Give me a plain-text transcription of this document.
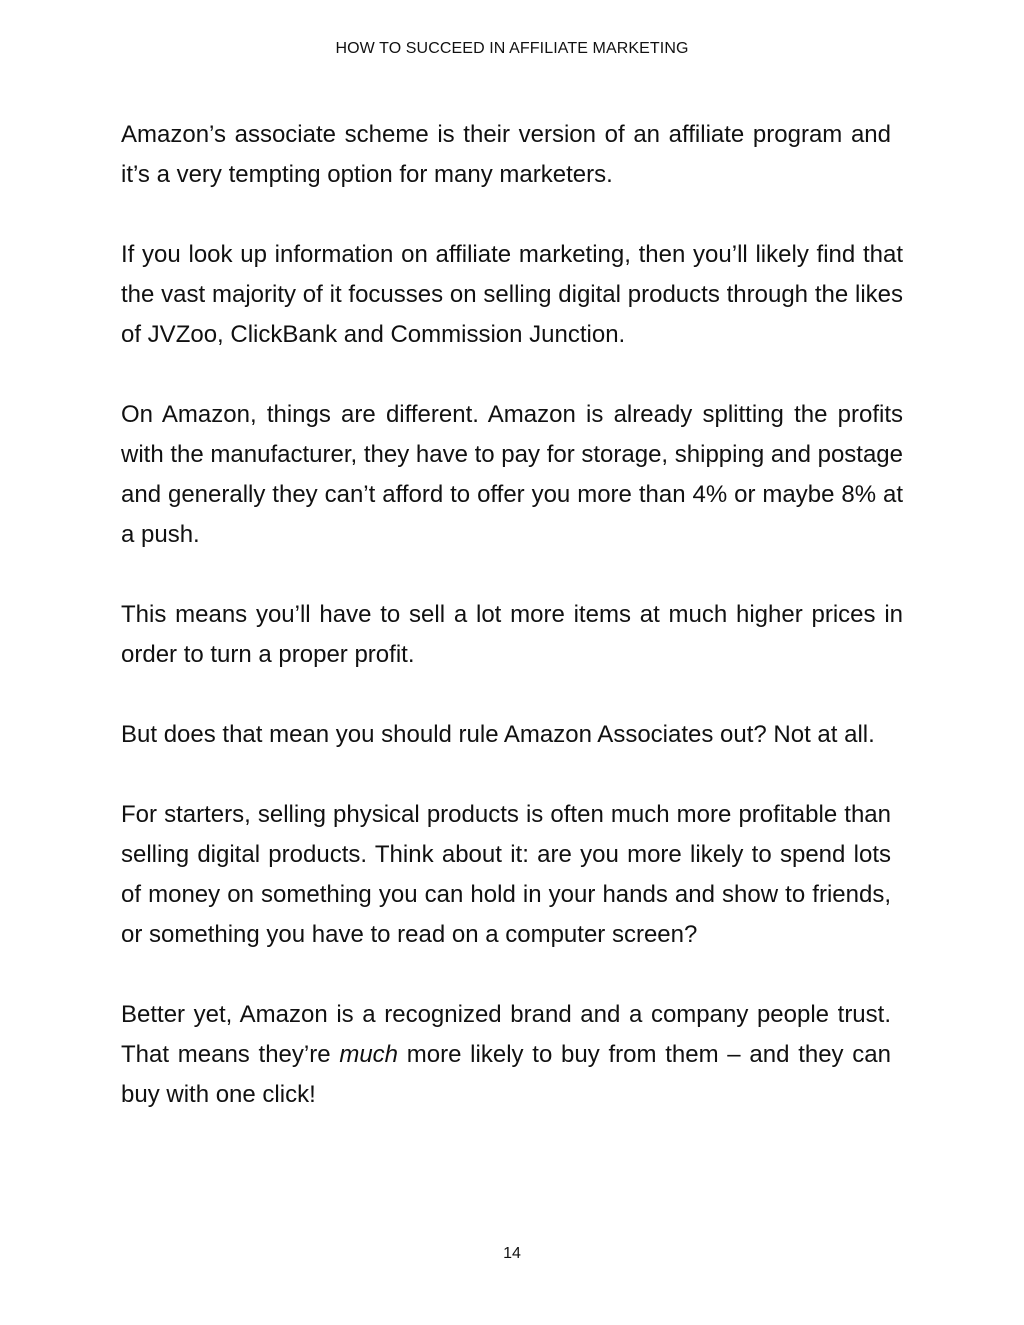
HOW TO SUCCEED IN AFFILIATE MARKETING

Amazon’s associate scheme is their version of an affiliate program and it’s a very tempting option for many marketers.

If you look up information on affiliate marketing, then you’ll likely find that the vast majority of it focusses on selling digital products through the likes of JVZoo, ClickBank and Commission Junction.

On Amazon, things are different. Amazon is already splitting the profits with the manufacturer, they have to pay for storage, shipping and postage and generally they can’t afford to offer you more than 4% or maybe 8% at a push.

This means you’ll have to sell a lot more items at much higher prices in order to turn a proper profit.

But does that mean you should rule Amazon Associates out? Not at all.

For starters, selling physical products is often much more profitable than selling digital products. Think about it: are you more likely to spend lots of money on something you can hold in your hands and show to friends, or something you have to read on a computer screen?

Better yet, Amazon is a recognized brand and a company people trust. That means they’re much more likely to buy from them – and they can buy with one click!

14
